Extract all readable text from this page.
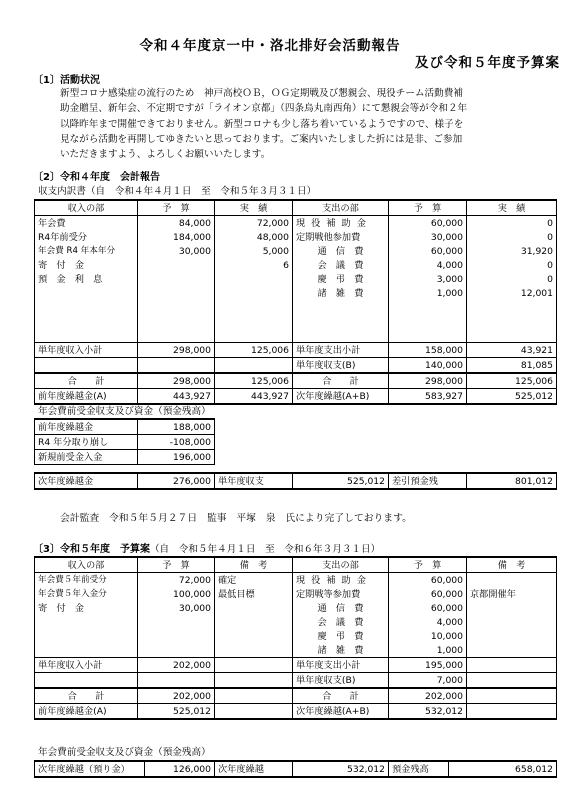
令和４年度京一中・洛北排好会活動報告
及び令和５年度予算案
〔1〕活動状況
新型コロナ感染症の流行のため　神戸高校ＯＢ，ＯＧ定期戦及び懇親会、現役チーム活動費補
助金贈呈、新年会、不定期ですが「ライオン京都」（四条烏丸南西角）にて懇親会等が令和２年
以降昨年まで開催できておりません。新型コロナも少し落ち着いているようですので、様子を
見ながら活動を再開してゆきたいと思っております。ご案内いたしました折には是非、ご参加
いただきますよう、よろしくお願いいたします。
〔2〕令和４年度　会計報告
収支内訳書（自　令和４年４月１日　至　令和５年３月３１日）
収入の部	予　算	実　績	支出の部	予　算	実　績
年会費	84,000	72,000	現役補助金	60,000	0
R4年前受分	184,000	48,000	定期戦他参加費	30,000	0
年会費 R4 年本年分	30,000	5,000	通　信　費	60,000	31,920
寄　付　金		6	会　議　費	4,000	0
預　金　利　息			慶　弔　費	3,000	0
			諸　雑　費	1,000	12,001

単年度収入小計	298,000	125,006	単年度支出小計	158,000	43,921
			単年度収支(B)	140,000	81,085
合　　計	298,000	125,006	合　　計	298,000	125,006
前年度繰越金(A)	443,927	443,927	次年度繰越(A+B)	583,927	525,012
年会費前受金収支及び資金（預金残高）
前年度繰越金	188,000
R4 年分取り崩し	-108,000
新規前受金入金	196,000
次年度繰越金	276,000	単年度収支	525,012	差引預金残	801,012
会計監査　令和５年５月２７日　監事　平塚　泉　氏により完了しております。
〔3〕令和５年度　予算案（自　令和５年４月１日　至　令和６年３月３１日）
収入の部	予　算	備　考	支出の部	予　算	備　考
年会費５年前受分	72,000	確定	現役補助金	60,000	
年会費５年入金分	100,000	最低目標	定期戦等参加費	60,000	京都開催年
寄　付　金	30,000		通　信　費	60,000	
			会　議　費	4,000	
			慶　弔　費	10,000	
			諸　雑　費	1,000	
単年度収入小計	202,000		単年度支出小計	195,000	
			単年度収支(B)	7,000	
合　　計	202,000		合　　計	202,000	
前年度繰越金(A)	525,012		次年度繰越(A+B)	532,012	
年会費前受金収支及び資金（預金残高）
次年度繰越（預り金）	126,000	次年度繰越	532,012	預金残高	658,012
